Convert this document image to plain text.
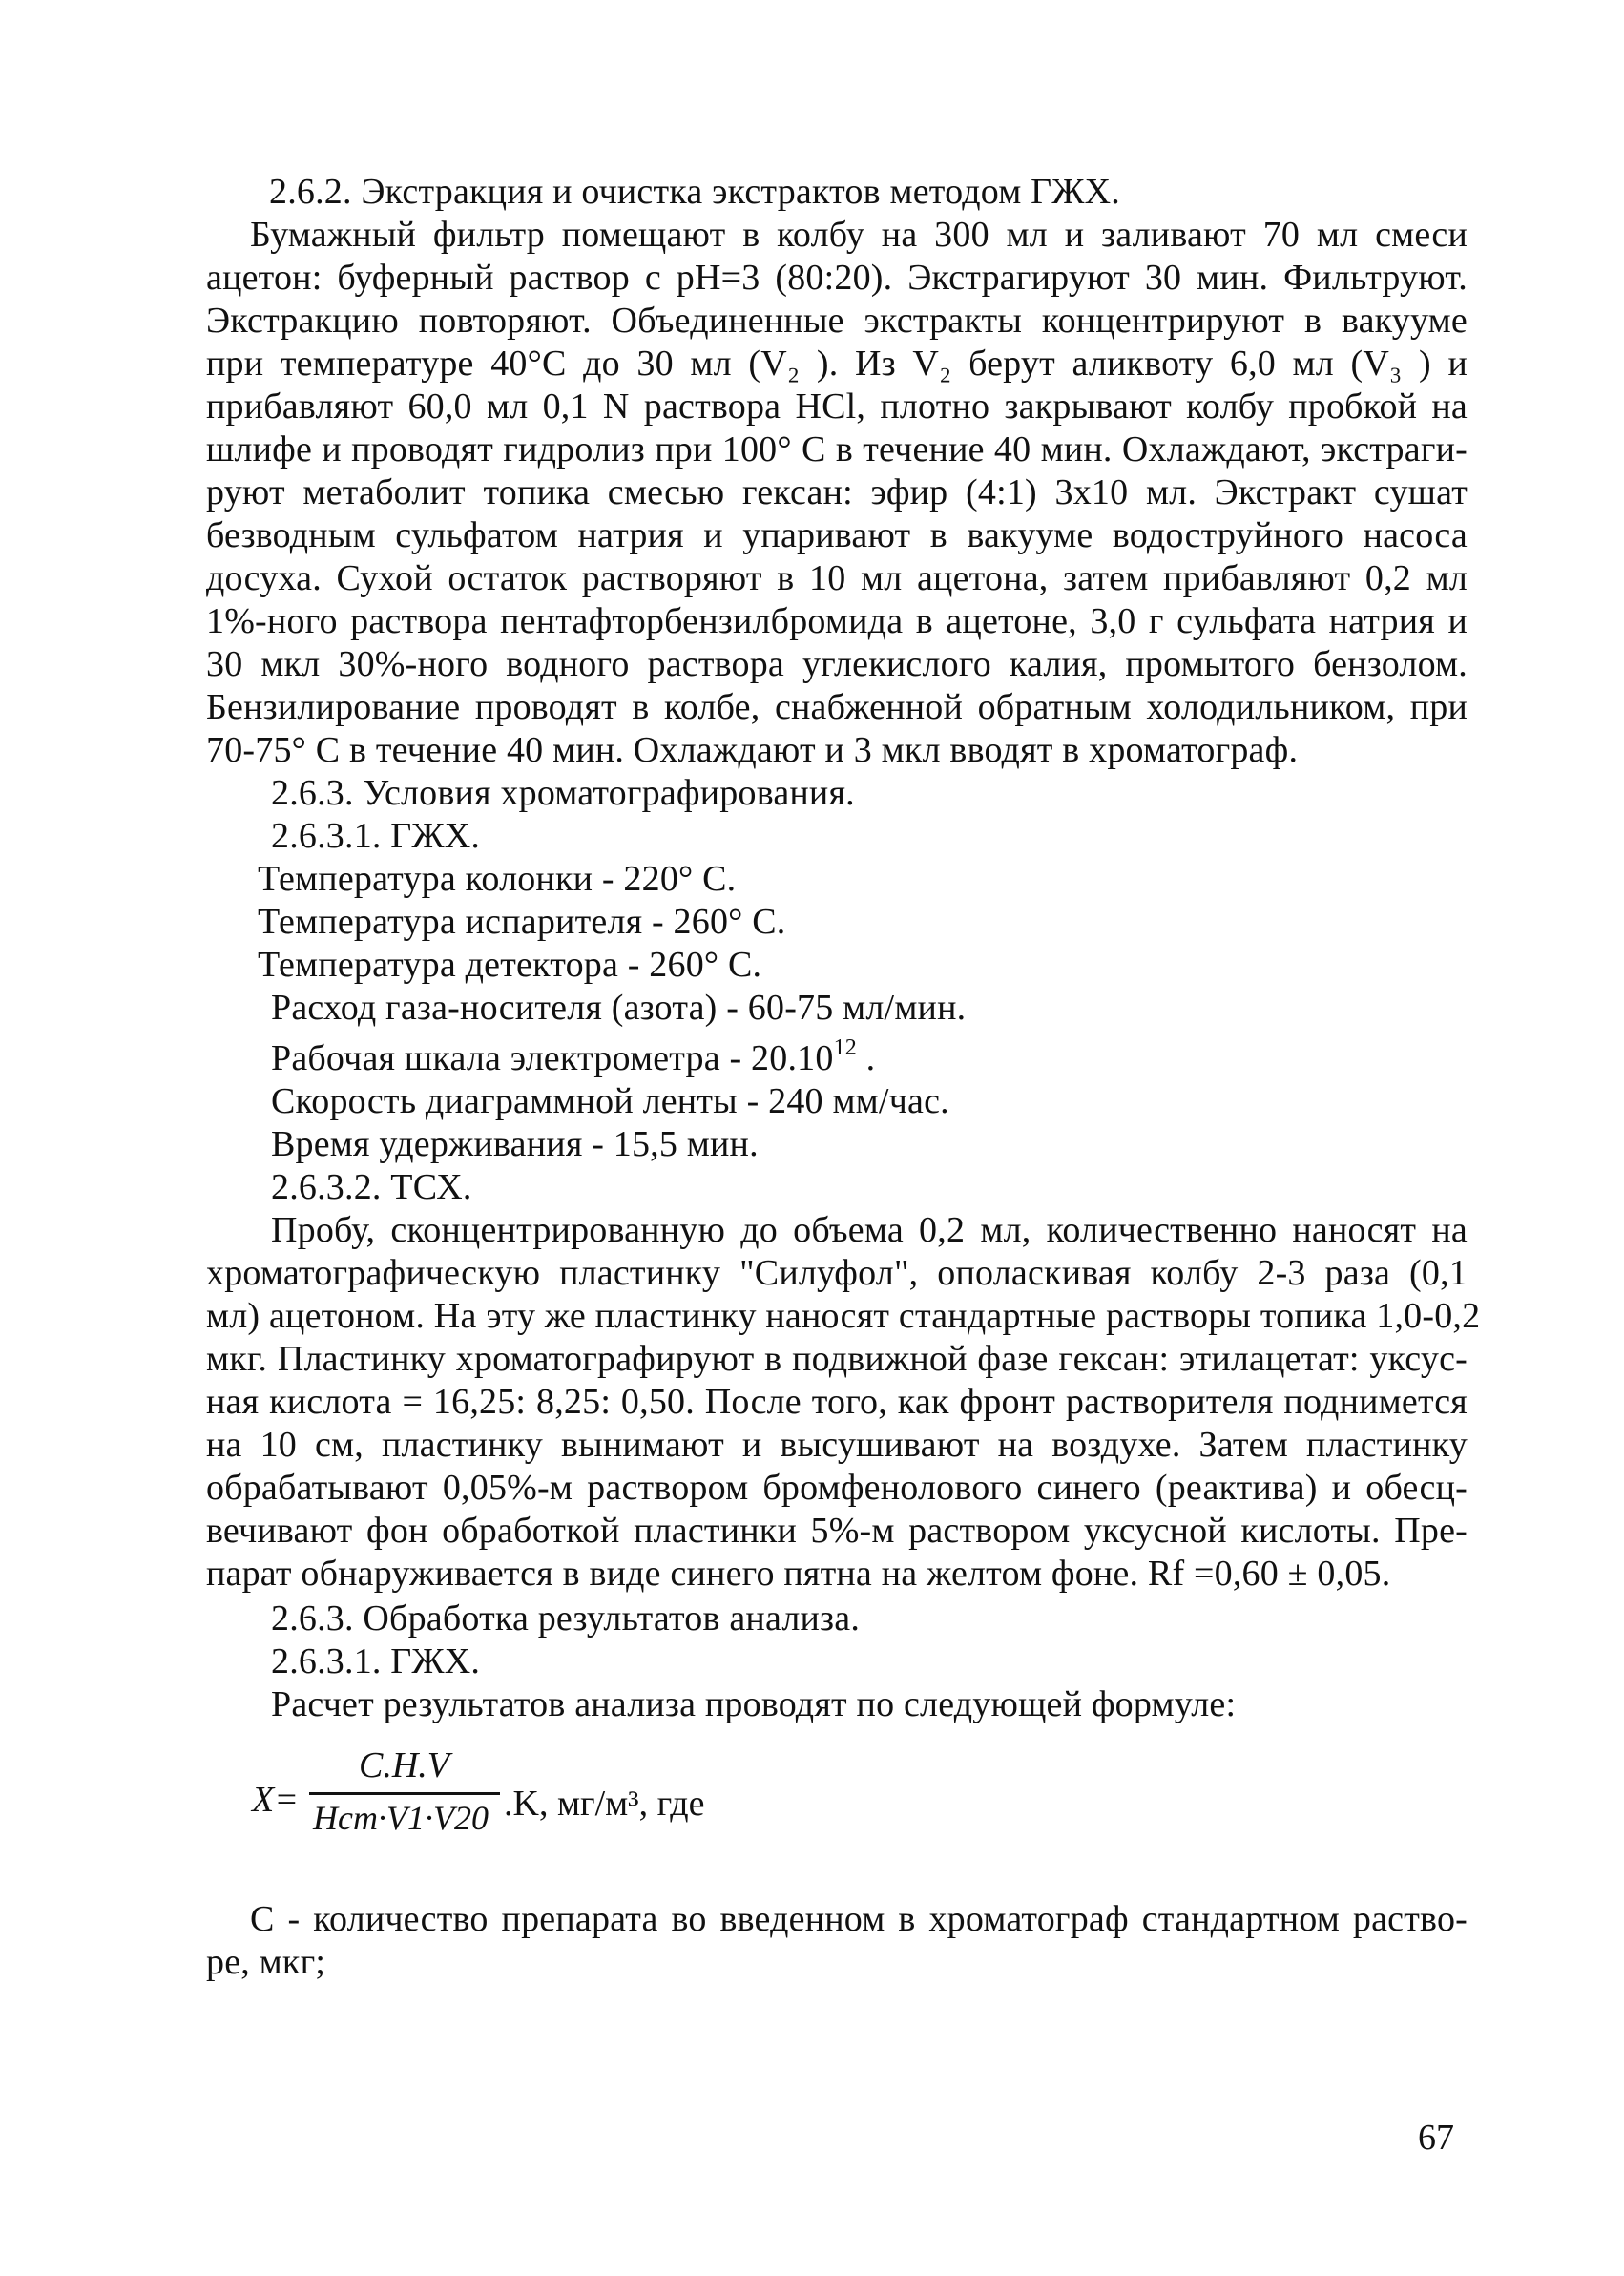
2.6.2. Экстракция и очистка экстрактов методом ГЖХ.
Бумажный фильтр помещают в колбу на 300 мл и заливают 70 мл смеси
ацетон: буферный раствор с рН=3 (80:20). Экстрагируют 30 мин. Фильтруют.
Экстракцию повторяют. Объединенные экстракты концентрируют в вакууме
при температуре 40°С до 30 мл (V₂ ). Из V₂ берут аликвоту 6,0 мл (V₃ ) и
прибавляют 60,0 мл 0,1 N раствора HCl, плотно закрывают колбу пробкой на
шлифе и проводят гидролиз при 100° С в течение 40 мин. Охлаждают, экстраги-
руют метаболит топика смесью гексан: эфир (4:1) 3х10 мл. Экстракт сушат
безводным сульфатом натрия и упаривают в вакууме водоструйного насоса
досуха. Сухой остаток растворяют в 10 мл ацетона, затем прибавляют 0,2 мл
1%-ного раствора пентафторбензилбромида в ацетоне, 3,0 г сульфата натрия и
30 мкл 30%-ного водного раствора углекислого калия, промытого бензолом.
Бензилирование проводят в колбе, снабженной обратным холодильником, при
70-75° С в течение 40 мин. Охлаждают и 3 мкл вводят в хроматограф.
2.6.3. Условия хроматографирования.
2.6.3.1. ГЖХ.
Температура колонки - 220° С.
Температура испарителя - 260° С.
Температура детектора - 260° С.
Расход газа-носителя (азота) - 60-75 мл/мин.
Рабочая шкала электрометра - 20.10$^{12}$ .
Скорость диаграммной ленты - 240 мм/час.
Время удерживания - 15,5 мин.
2.6.3.2. ТСХ.
Пробу, сконцентрированную до объема 0,2 мл, количественно наносят на
хроматографическую пластинку "Силуфол", ополаскивая колбу 2-3 раза (0,1
мл) ацетоном. На эту же пластинку наносят стандартные растворы топика 1,0-0,2
мкг. Пластинку хроматографируют в подвижной фазе гексан: этилацетат: уксус-
ная кислота = 16,25: 8,25: 0,50. После того, как фронт растворителя поднимется
на 10 см, пластинку вынимают и высушивают на воздухе. Затем пластинку
обрабатывают 0,05%-м раствором бромфенолового синего (реактива) и обесц-
вечивают фон обработкой пластинки 5%-м раствором уксусной кислоты. Пре-
парат обнаруживается в виде синего пятна на желтом фоне. Rf =0,60 ± 0,05.
2.6.3. Обработка результатов анализа.
2.6.3.1. ГЖХ.
Расчет результатов анализа проводят по следующей формуле:
X=
C.H.V
Hcm·V1·V20 .K, мг/м³, где
С - количество препарата во введенном в хроматограф стандартном раство-
ре, мкг;
67
